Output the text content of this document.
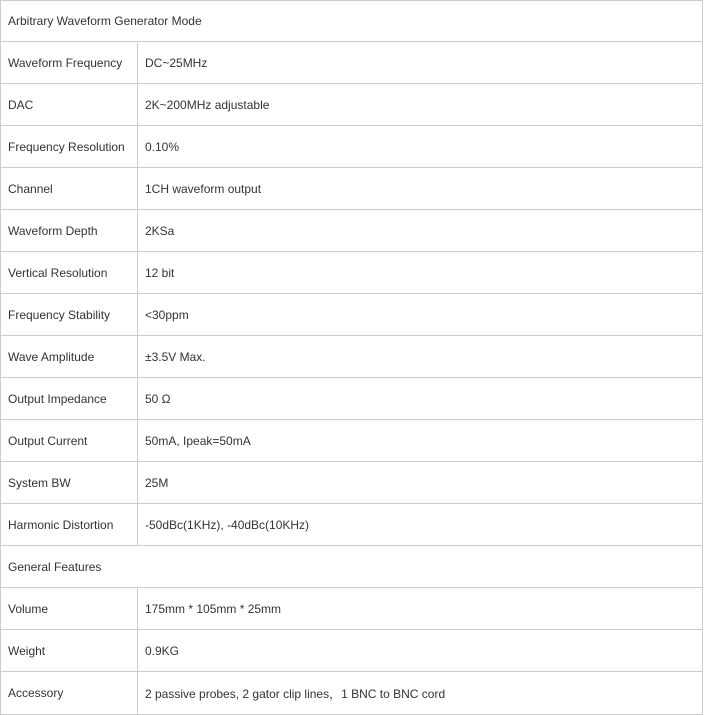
Arbitrary Waveform Generator Mode	
Waveform Frequency	DC~25MHz
DAC	2K~200MHz adjustable
Frequency Resolution	0.10%
Channel	1CH waveform output
Waveform Depth	2KSa
Vertical Resolution	12 bit
Frequency Stability	<30ppm
Wave Amplitude	±3.5V Max.
Output Impedance	50 Ω
Output Current	50mA, Ipeak=50mA
System BW	25M
Harmonic Distortion	-50dBc(1KHz), -40dBc(10KHz)
General Features	
Volume	175mm * 105mm * 25mm
Weight	0.9KG
Accessory	2 passive probes, 2 gator clip lines，1 BNC to BNC cord
